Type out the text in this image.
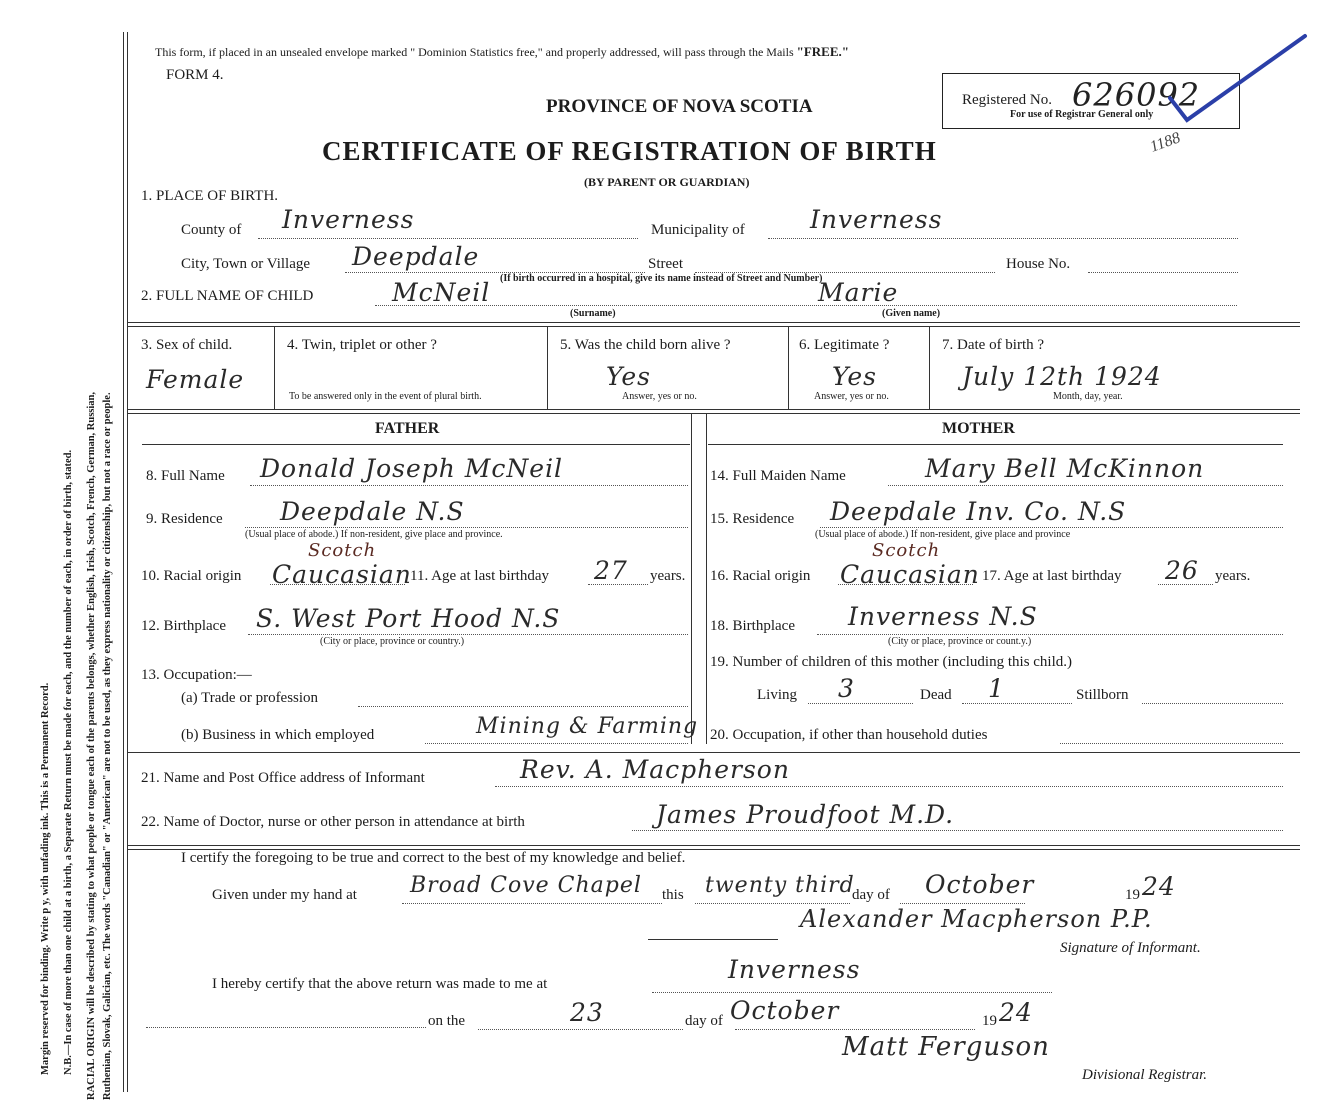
Margin reserved for binding. Write p y, with unfading ink. This is a Permanent Record. N.B.—In case of more than one child at a birth, a Separate Return must be made for each, and the number of each, in order of birth, stated. RACIAL ORIGIN will be described by stating to what people or tongue each of the parents belongs, whether English, Irish, Scotch, French, German, Russian, Ruthenian, Slovak, Galician, etc. The words "Canadian" or "American" are not to be used, as they express nationality or citizenship, but not a race or people.
This form, if placed in an unsealed envelope marked " Dominion Statistics free," and properly addressed, will pass through the Mails "FREE."
FORM 4.
PROVINCE OF NOVA SCOTIA
CERTIFICATE OF REGISTRATION OF BIRTH
(BY PARENT OR GUARDIAN)
Registered No. 626092
For use of Registrar General only
1188
1. PLACE OF BIRTH.
County of Inverness	Municipality of	Inverness
City, Town or Village Deepdale	Street	House No.
(If birth occurred in a hospital, give its name instead of Street and Number)
2. FULL NAME OF CHILD	McNeil	Marie
(Surname)	(Given name)
3. Sex of child.
Female
4. Twin, triplet or other ?
To be answered only in the event of plural birth.
5. Was the child born alive ?
Yes
Answer, yes or no.
6. Legitimate ?
Yes
Answer, yes or no.
7. Date of birth ?
July 12th 1924
Month, day, year.
FATHER	MOTHER
8. Full Name Donald Joseph McNeil
9. Residence Deepdale N.S
(Usual place of abode.) If non-resident, give place and province.
10. Racial origin
Scotch
Caucasian
11. Age at last birthday 27 years.
12. Birthplace S. West Port Hood N.S
(City or place, province or country.)
13. Occupation:—
(a) Trade or profession
(b) Business in which employed	Mining & Farming
14. Full Maiden Name	Mary Bell McKinnon
15. Residence Deepdale Inv. Co. N.S
(Usual place of abode.) If non-resident, give place and province
16. Racial origin
Scotch
Caucasian 17. Age at last birthday 26 years.
18. Birthplace Inverness N.S
(City or place, province or count.y.)
19. Number of children of this mother (including this child.)
Living 3	Dead 1	Stillborn
20. Occupation, if other than household duties
21. Name and Post Office address of Informant	Rev. A. Macpherson
22. Name of Doctor, nurse or other person in attendance at birth	James Proudfoot M.D.
I certify the foregoing to be true and correct to the best of my knowledge and belief.
Given under my hand at Broad Cove Chapel this twenty third
day of October	19 24
Alexander Macpherson P.P.
Signature of Informant.
I hereby certify that the above return was made to me at	Inverness
on the	23	day of October	19 24
Matt Ferguson
Divisional Registrar.
